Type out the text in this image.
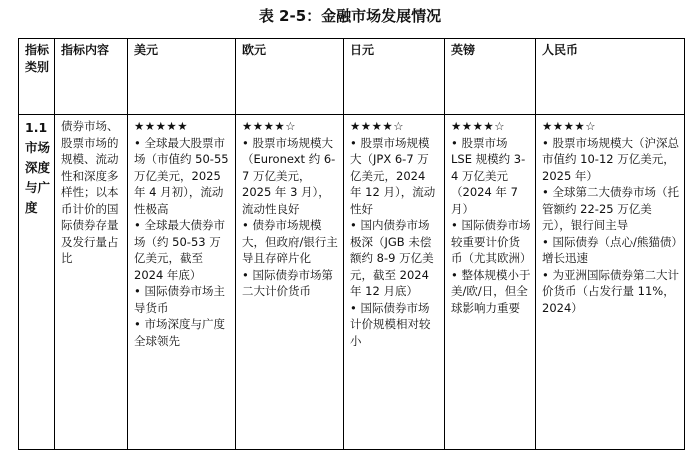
表 2-5：金融市场发展情况
指标类别	指标内容	美元	欧元	日元	英镑	人民币
1.1 市场深度与广度	债券市场、股票市场的规模、流动性和深度多样性；以本币计价的国际债券存量及发行量占比	★★★★★
• 全球最大股票市场（市值约 50-55 万亿美元，2025 年 4 月初），流动性极高
• 全球最大债券市场（约 50-53 万亿美元，截至 2024 年底）
• 国际债券市场主导货币
• 市场深度与广度全球领先	★★★★☆
• 股票市场规模大（Euronext 约 6-7 万亿美元，2025 年 3 月），流动性良好
• 债券市场规模大，但政府/银行主导且存碎片化
• 国际债券市场第二大计价货币	★★★★☆
• 股票市场规模大（JPX 6-7 万亿美元，2024 年 12 月），流动性好
• 国内债券市场极深（JGB 未偿额约 8-9 万亿美元，截至 2024 年 12 月底）
• 国际债券市场计价规模相对较小	★★★★☆
• 股票市场 LSE 规模约 3-4 万亿美元（2024 年 7 月）
• 国际债券市场较重要计价货币（尤其欧洲）
• 整体规模小于美/欧/日，但全球影响力重要	★★★★☆
• 股票市场规模大（沪深总市值约 10-12 万亿美元，2025 年）
• 全球第二大债券市场（托管额约 22-25 万亿美元），银行间主导
• 国际债券（点心/熊猫债）增长迅速
• 为亚洲国际债券第二大计价货币（占发行量 11%，2024）
